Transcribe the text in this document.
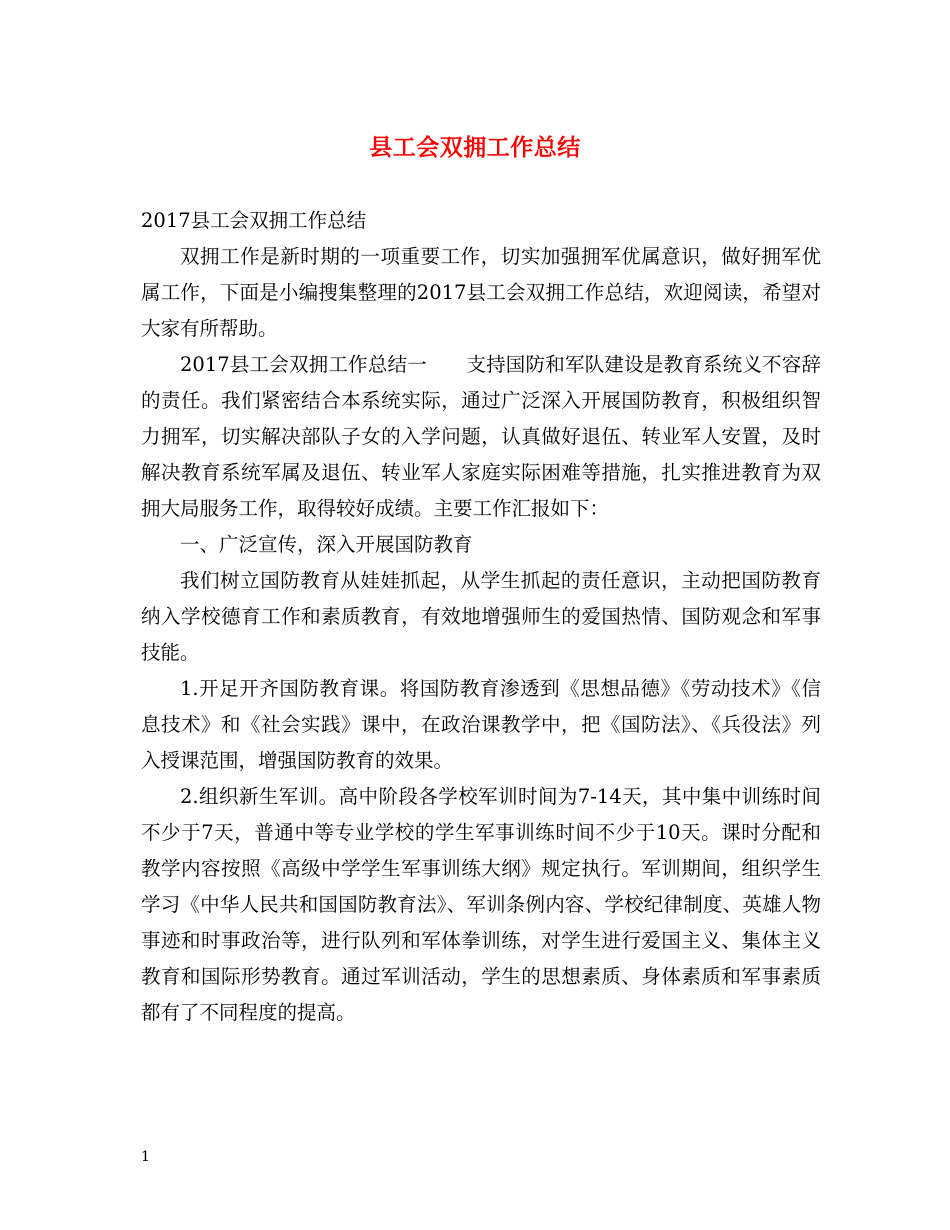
县工会双拥工作总结

2017县工会双拥工作总结

双拥工作是新时期的一项重要工作，切实加强拥军优属意识，做好拥军优属工作，下面是小编搜集整理的2017县工会双拥工作总结，欢迎阅读，希望对大家有所帮助。

2017县工会双拥工作总结一　　支持国防和军队建设是教育系统义不容辞的责任。我们紧密结合本系统实际，通过广泛深入开展国防教育，积极组织智力拥军，切实解决部队子女的入学问题，认真做好退伍、转业军人安置，及时解决教育系统军属及退伍、转业军人家庭实际困难等措施，扎实推进教育为双拥大局服务工作，取得较好成绩。主要工作汇报如下：

一、广泛宣传，深入开展国防教育

我们树立国防教育从娃娃抓起，从学生抓起的责任意识，主动把国防教育纳入学校德育工作和素质教育，有效地增强师生的爱国热情、国防观念和军事技能。

1.开足开齐国防教育课。将国防教育渗透到《思想品德》《劳动技术》《信息技术》和《社会实践》课中，在政治课教学中，把《国防法》、《兵役法》列入授课范围，增强国防教育的效果。

2.组织新生军训。高中阶段各学校军训时间为7-14天，其中集中训练时间不少于7天，普通中等专业学校的学生军事训练时间不少于10天。课时分配和教学内容按照《高级中学学生军事训练大纲》规定执行。军训期间，组织学生学习《中华人民共和国国防教育法》、军训条例内容、学校纪律制度、英雄人物事迹和时事政治等，进行队列和军体拳训练，对学生进行爱国主义、集体主义教育和国际形势教育。通过军训活动，学生的思想素质、身体素质和军事素质都有了不同程度的提高。

1
